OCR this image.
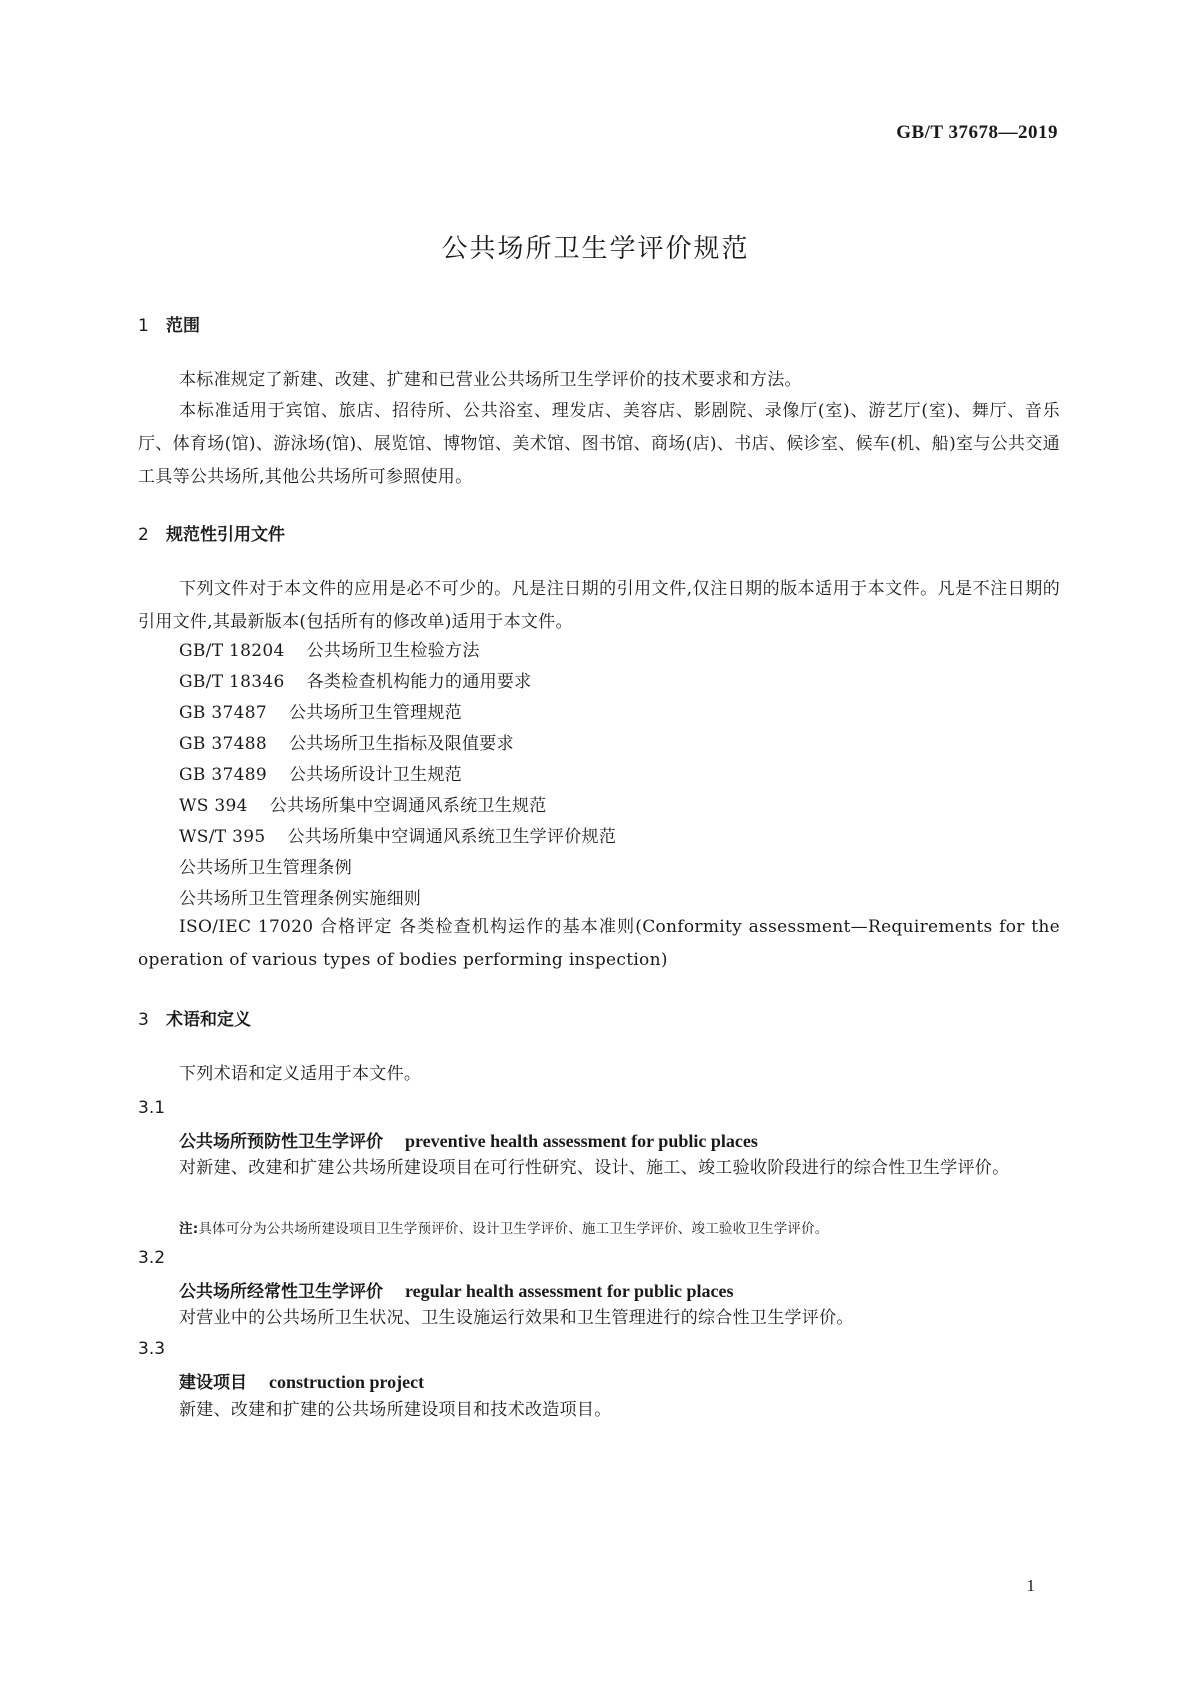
GB/T 37678—2019
公共场所卫生学评价规范
1 范围
本标准规定了新建、改建、扩建和已营业公共场所卫生学评价的技术要求和方法。
本标准适用于宾馆、旅店、招待所、公共浴室、理发店、美容店、影剧院、录像厅(室)、游艺厅(室)、舞厅、音乐厅、体育场(馆)、游泳场(馆)、展览馆、博物馆、美术馆、图书馆、商场(店)、书店、候诊室、候车(机、船)室与公共交通工具等公共场所,其他公共场所可参照使用。
2 规范性引用文件
下列文件对于本文件的应用是必不可少的。凡是注日期的引用文件,仅注日期的版本适用于本文件。凡是不注日期的引用文件,其最新版本(包括所有的修改单)适用于本文件。
GB/T 18204 公共场所卫生检验方法
GB/T 18346 各类检查机构能力的通用要求
GB 37487 公共场所卫生管理规范
GB 37488 公共场所卫生指标及限值要求
GB 37489 公共场所设计卫生规范
WS 394 公共场所集中空调通风系统卫生规范
WS/T 395 公共场所集中空调通风系统卫生学评价规范
公共场所卫生管理条例
公共场所卫生管理条例实施细则
ISO/IEC 17020 合格评定 各类检查机构运作的基本准则(Conformity assessment—Requirements for the operation of various types of bodies performing inspection)
3 术语和定义
下列术语和定义适用于本文件。
3.1
公共场所预防性卫生学评价 preventive health assessment for public places
对新建、改建和扩建公共场所建设项目在可行性研究、设计、施工、竣工验收阶段进行的综合性卫生学评价。
注:具体可分为公共场所建设项目卫生学预评价、设计卫生学评价、施工卫生学评价、竣工验收卫生学评价。
3.2
公共场所经常性卫生学评价 regular health assessment for public places
对营业中的公共场所卫生状况、卫生设施运行效果和卫生管理进行的综合性卫生学评价。
3.3
建设项目 construction project
新建、改建和扩建的公共场所建设项目和技术改造项目。
1
